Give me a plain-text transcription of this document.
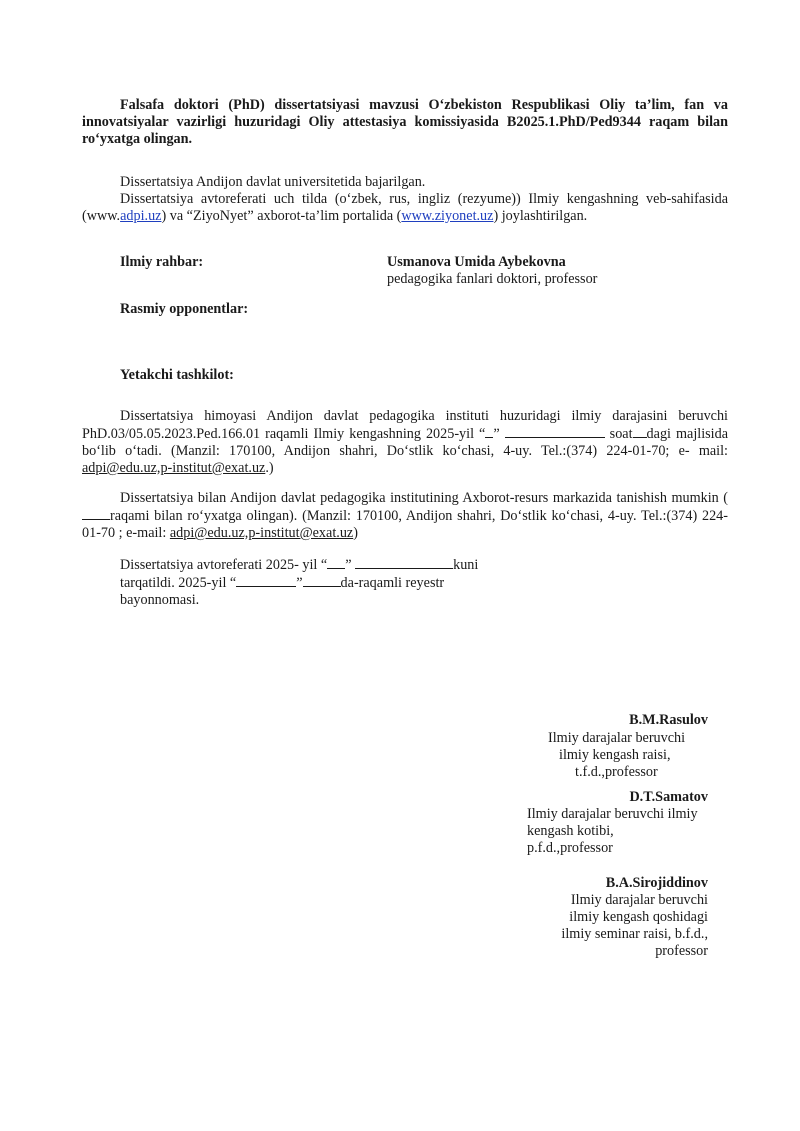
Falsafa doktori (PhD) dissertatsiyasi mavzusi O‘zbekiston Respublikasi Oliy ta’lim, fan va innovatsiyalar vazirligi huzuridagi Oliy attestasiya komissiyasida B2025.1.PhD/Ped9344 raqam bilan ro‘yxatga olingan.

Dissertatsiya Andijon davlat universitetida bajarilgan.

Dissertatsiya avtoreferati uch tilda (o‘zbek, rus, ingliz (rezyume)) Ilmiy kengashning veb-sahifasida (www.adpi.uz) va “ZiyoNyet” axborot-ta’lim portalida (www.ziyonet.uz) joylashtirilgan.

Ilmiy rahbar:	Usmanova Umida Aybekovna
pedagogika fanlari doktori, professor
Rasmiy opponentlar:
Yetakchi tashkilot:

Dissertatsiya himoyasi Andijon davlat pedagogika instituti huzuridagi ilmiy darajasini beruvchi PhD.03/05.05.2023.Ped.166.01 raqamli Ilmiy kengashning 2025-yil “ ”	soat dagi majlisida bo‘lib o‘tadi. (Manzil: 170100, Andijon shahri, Do‘stlik ko‘chasi, 4-uy. Tel.:(374) 224-01-70; e- mail: adpi@edu.uz,p-institut@exat.uz.)

Dissertatsiya bilan Andijon davlat pedagogika institutining Axborot-resurs markazida tanishish mumkin (raqami bilan ro‘yxatga olingan). (Manzil: 170100, Andijon shahri, Do‘stlik ko‘chasi, 4-uy. Tel.:(374) 224-01-70 ; e-mail: adpi@edu.uz,p-institut@exat.uz)

Dissertatsiya avtoreferati 2025- yil “ ”	kuni
tarqatildi. 2025-yil “	”	da-raqamli reyestr
bayonnomasi.
B.M.Rasulov
Ilmiy darajalar beruvchi
ilmiy kengash raisi,
t.f.d.,professor
D.T.Samatov
Ilmiy darajalar beruvchi ilmiy
kengash kotibi,
p.f.d.,professor
B.A.Sirojiddinov
Ilmiy darajalar beruvchi
ilmiy kengash qoshidagi
ilmiy seminar raisi, b.f.d.,
professor
